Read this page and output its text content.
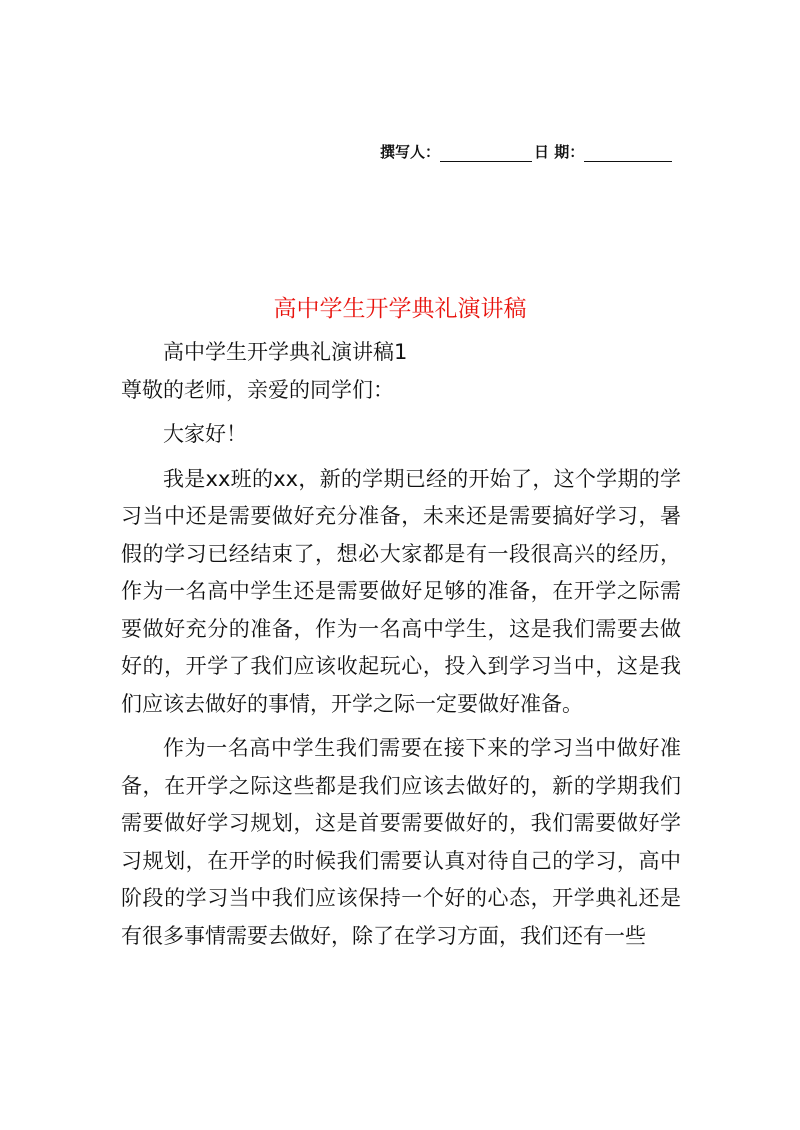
撰写人：	日 期：
高中学生开学典礼演讲稿

高中学生开学典礼演讲稿1

尊敬的老师，亲爱的同学们：

大家好！

我是xx班的xx，新的学期已经的开始了，这个学期的学习当中还是需要做好充分准备，未来还是需要搞好学习，暑假的学习已经结束了，想必大家都是有一段很高兴的经历，作为一名高中学生还是需要做好足够的准备，在开学之际需要做好充分的准备，作为一名高中学生，这是我们需要去做好的，开学了我们应该收起玩心，投入到学习当中，这是我们应该去做好的事情，开学之际一定要做好准备。

作为一名高中学生我们需要在接下来的学习当中做好准备，在开学之际这些都是我们应该去做好的，新的学期我们需要做好学习规划，这是首要需要做好的，我们需要做好学习规划，在开学的时候我们需要认真对待自己的学习，高中阶段的学习当中我们应该保持一个好的心态，开学典礼还是有很多事情需要去做好，除了在学习方面，我们还有一些
